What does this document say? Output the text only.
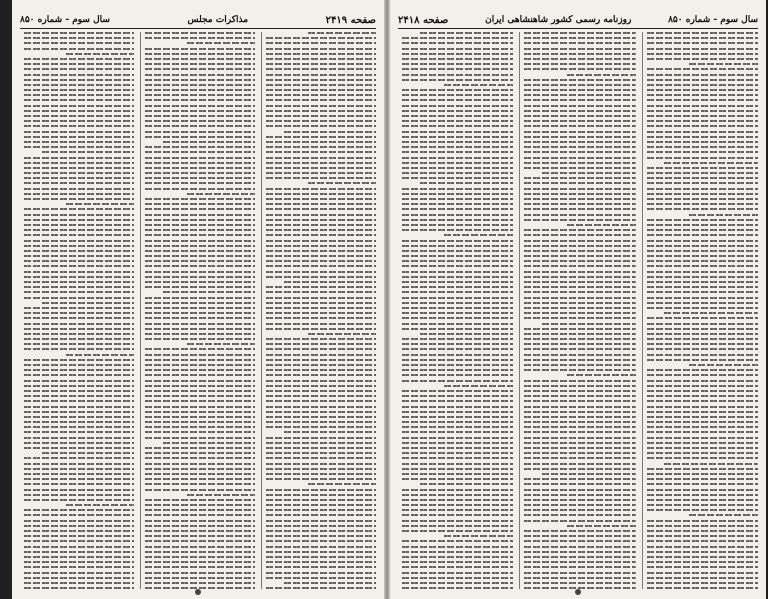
صفحه ۲۴۱۹
مذاکرات مجلس
سال سوم - شماره ۸۵۰	سال سوم - شماره ۸۵۰
روزنامه رسمی کشور شاهنشاهی ایران
صفحه ۲۴۱۸
